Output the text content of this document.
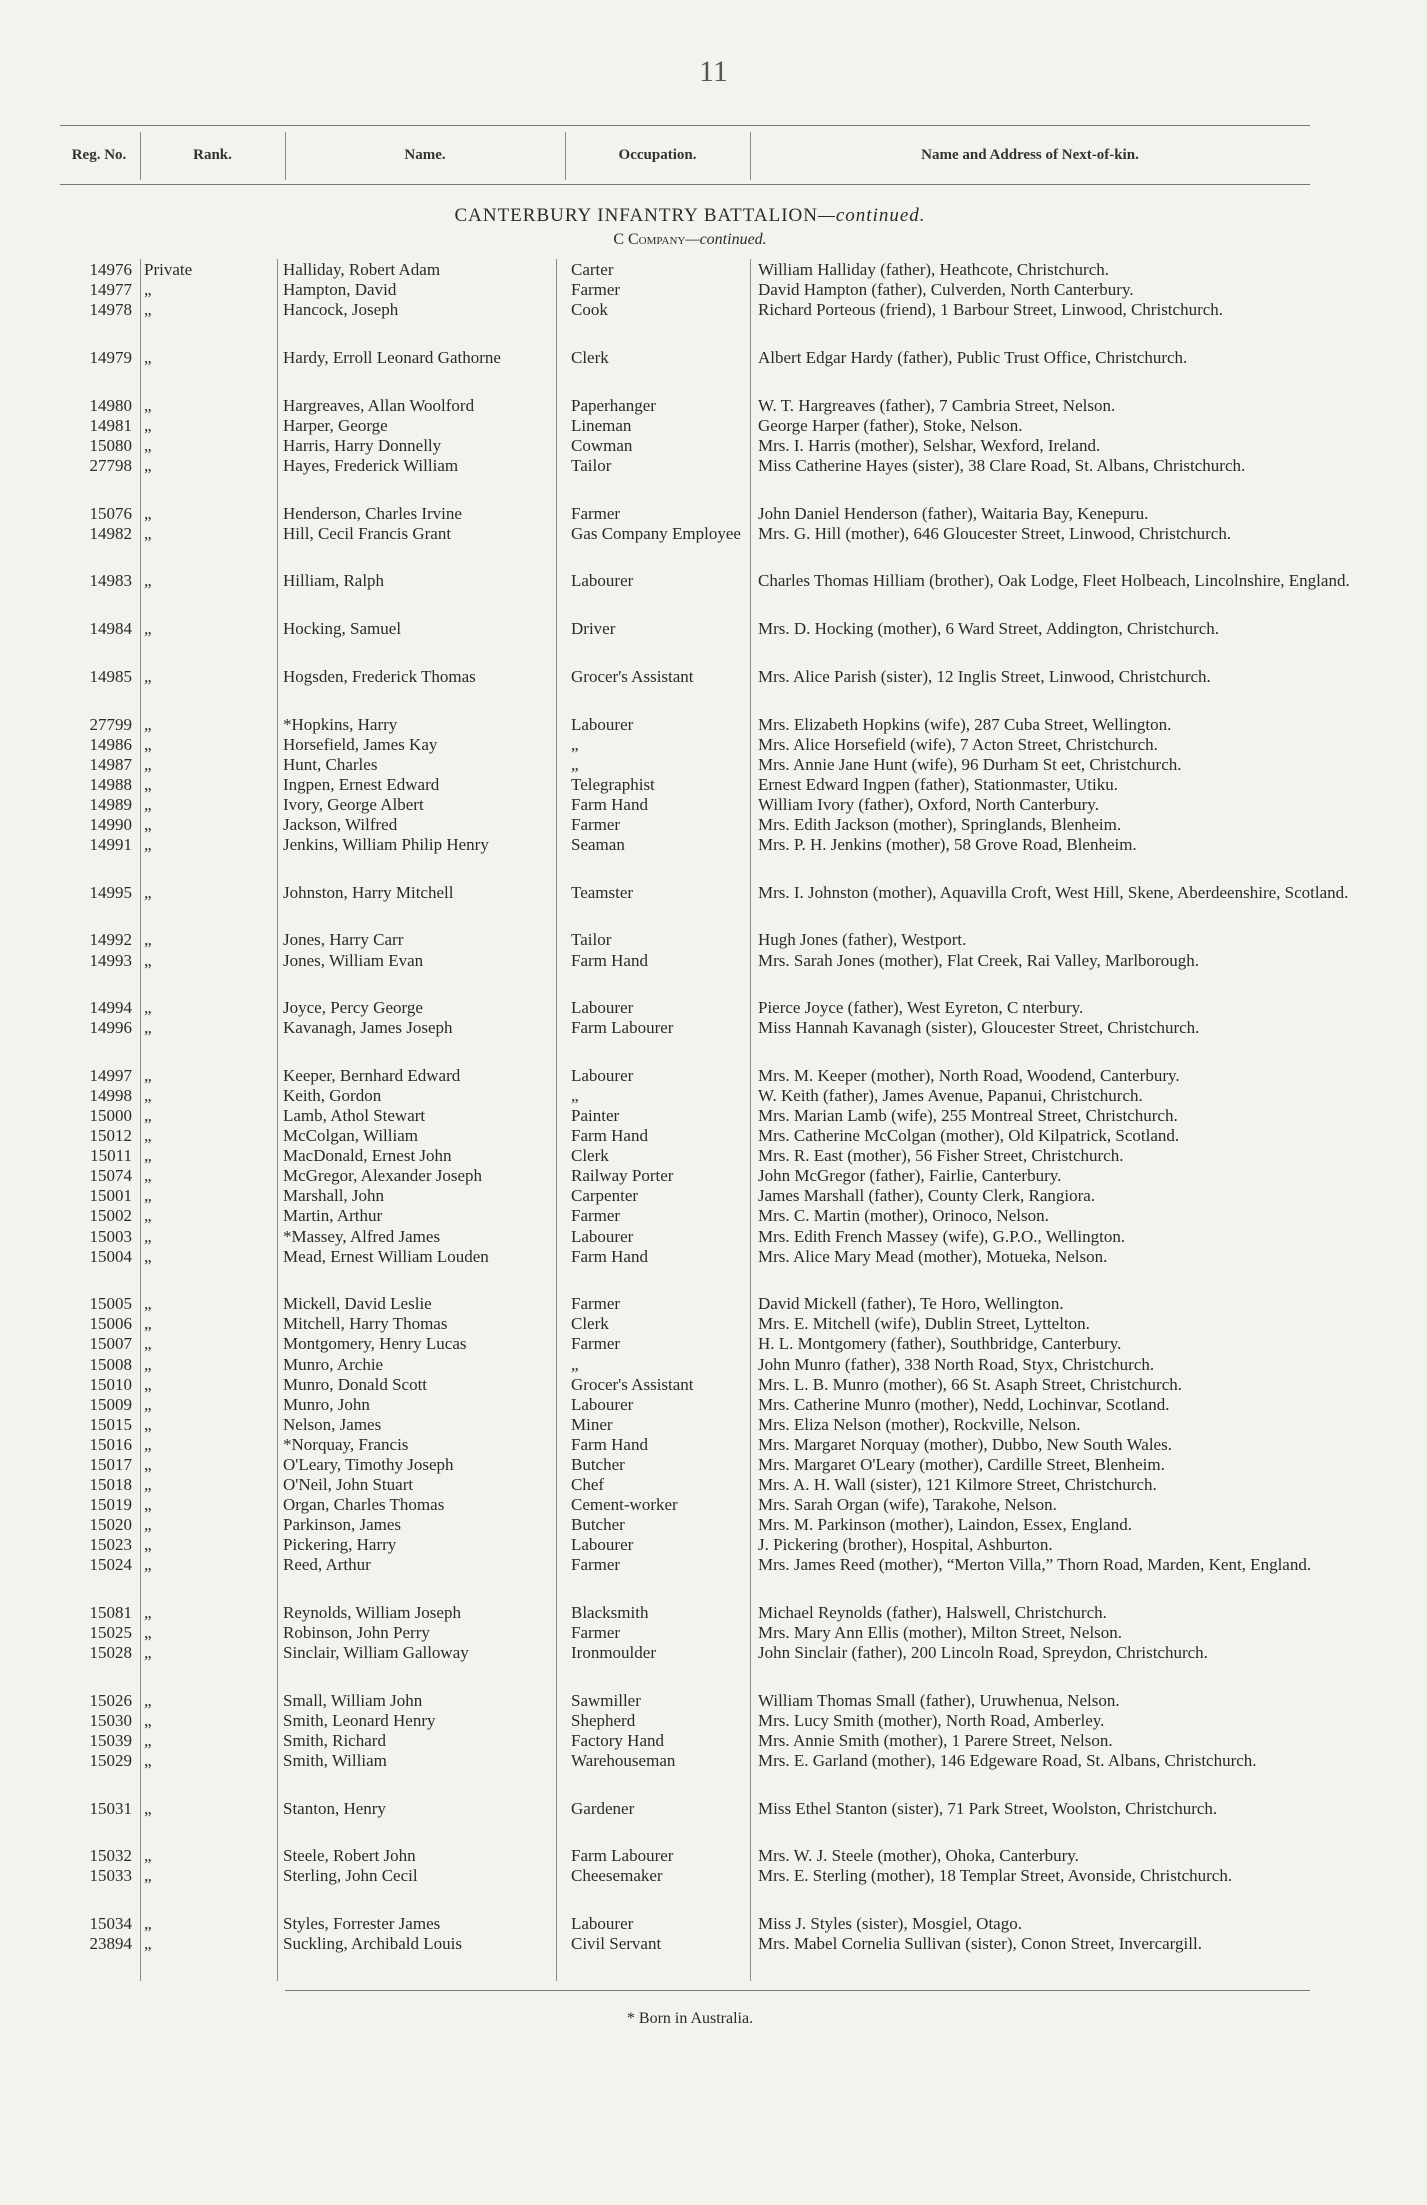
11
Reg. No.	Rank.	Name.	Occupation.	Name and Address of Next-of-kin.
CANTERBURY INFANTRY BATTALION—continued.
C Company—continued.
14976 Private	Halliday, Robert Adam	Carter	William Halliday (father), Heathcote, Christchurch.
14977 „	Hampton, David	Farmer	David Hampton (father), Culverden, North Canterbury.
14978 „	Hancock, Joseph	Cook	Richard Porteous (friend), 1 Barbour Street, Linwood, Christchurch.
14979 „	Hardy, Erroll Leonard Gathorne	Clerk	Albert Edgar Hardy (father), Public Trust Office, Christchurch.
14980 „	Hargreaves, Allan Woolford	Paperhanger	W. T. Hargreaves (father), 7 Cambria Street, Nelson.
14981 „	Harper, George	Lineman	George Harper (father), Stoke, Nelson.
15080 „	Harris, Harry Donnelly	Cowman	Mrs. I. Harris (mother), Selshar, Wexford, Ireland.
27798 „	Hayes, Frederick William	Tailor	Miss Catherine Hayes (sister), 38 Clare Road, St. Albans, Christchurch.
15076 „	Henderson, Charles Irvine	Farmer	John Daniel Henderson (father), Waitaria Bay, Kenepuru.
14982 „	Hill, Cecil Francis Grant	Gas Company Employee	Mrs. G. Hill (mother), 646 Gloucester Street, Linwood, Christchurch.
14983 „	Hilliam, Ralph	Labourer	Charles Thomas Hilliam (brother), Oak Lodge, Fleet Holbeach, Lincolnshire, England.
14984 „	Hocking, Samuel	Driver	Mrs. D. Hocking (mother), 6 Ward Street, Addington, Christchurch.
14985 „	Hogsden, Frederick Thomas	Grocer's Assistant	Mrs. Alice Parish (sister), 12 Inglis Street, Linwood, Christchurch.
27799 „	*Hopkins, Harry	Labourer	Mrs. Elizabeth Hopkins (wife), 287 Cuba Street, Wellington.
14986 „	Horsefield, James Kay	„	Mrs. Alice Horsefield (wife), 7 Acton Street, Christchurch.
14987 „	Hunt, Charles	„	Mrs. Annie Jane Hunt (wife), 96 Durham St eet, Christchurch.
14988 „	Ingpen, Ernest Edward	Telegraphist	Ernest Edward Ingpen (father), Stationmaster, Utiku.
14989 „	Ivory, George Albert	Farm Hand	William Ivory (father), Oxford, North Canterbury.
14990 „	Jackson, Wilfred	Farmer	Mrs. Edith Jackson (mother), Springlands, Blenheim.
14991 „	Jenkins, William Philip Henry	Seaman	Mrs. P. H. Jenkins (mother), 58 Grove Road, Blenheim.
14995 „	Johnston, Harry Mitchell	Teamster	Mrs. I. Johnston (mother), Aquavilla Croft, West Hill, Skene, Aberdeenshire, Scotland.
14992 „	Jones, Harry Carr	Tailor	Hugh Jones (father), Westport.
14993 „	Jones, William Evan	Farm Hand	Mrs. Sarah Jones (mother), Flat Creek, Rai Valley, Marlborough.
14994 „	Joyce, Percy George	Labourer	Pierce Joyce (father), West Eyreton, C nterbury.
14996 „	Kavanagh, James Joseph	Farm Labourer	Miss Hannah Kavanagh (sister), Gloucester Street, Christchurch.
14997 „	Keeper, Bernhard Edward	Labourer	Mrs. M. Keeper (mother), North Road, Woodend, Canterbury.
14998 „	Keith, Gordon	„	W. Keith (father), James Avenue, Papanui, Christchurch.
15000 „	Lamb, Athol Stewart	Painter	Mrs. Marian Lamb (wife), 255 Montreal Street, Christchurch.
15012 „	McColgan, William	Farm Hand	Mrs. Catherine McColgan (mother), Old Kilpatrick, Scotland.
15011 „	MacDonald, Ernest John	Clerk	Mrs. R. East (mother), 56 Fisher Street, Christchurch.
15074 „	McGregor, Alexander Joseph	Railway Porter	John McGregor (father), Fairlie, Canterbury.
15001 „	Marshall, John	Carpenter	James Marshall (father), County Clerk, Rangiora.
15002 „	Martin, Arthur	Farmer	Mrs. C. Martin (mother), Orinoco, Nelson.
15003 „	*Massey, Alfred James	Labourer	Mrs. Edith French Massey (wife), G.P.O., Wellington.
15004 „	Mead, Ernest William Louden	Farm Hand	Mrs. Alice Mary Mead (mother), Motueka, Nelson.
15005 „	Mickell, David Leslie	Farmer	David Mickell (father), Te Horo, Wellington.
15006 „	Mitchell, Harry Thomas	Clerk	Mrs. E. Mitchell (wife), Dublin Street, Lyttelton.
15007 „	Montgomery, Henry Lucas	Farmer	H. L. Montgomery (father), Southbridge, Canterbury.
15008 „	Munro, Archie	„	John Munro (father), 338 North Road, Styx, Christchurch.
15010 „	Munro, Donald Scott	Grocer's Assistant	Mrs. L. B. Munro (mother), 66 St. Asaph Street, Christchurch.
15009 „	Munro, John	Labourer	Mrs. Catherine Munro (mother), Nedd, Lochinvar, Scotland.
15015 „	Nelson, James	Miner	Mrs. Eliza Nelson (mother), Rockville, Nelson.
15016 „	*Norquay, Francis	Farm Hand	Mrs. Margaret Norquay (mother), Dubbo, New South Wales.
15017 „	O'Leary, Timothy Joseph	Butcher	Mrs. Margaret O'Leary (mother), Cardille Street, Blenheim.
15018 „	O'Neil, John Stuart	Chef	Mrs. A. H. Wall (sister), 121 Kilmore Street, Christchurch.
15019 „	Organ, Charles Thomas	Cement-worker	Mrs. Sarah Organ (wife), Tarakohe, Nelson.
15020 „	Parkinson, James	Butcher	Mrs. M. Parkinson (mother), Laindon, Essex, England.
15023 „	Pickering, Harry	Labourer	J. Pickering (brother), Hospital, Ashburton.
15024 „	Reed, Arthur	Farmer	Mrs. James Reed (mother), “Merton Villa,” Thorn Road, Marden, Kent, England.
15081 „	Reynolds, William Joseph	Blacksmith	Michael Reynolds (father), Halswell, Christchurch.
15025 „	Robinson, John Perry	Farmer	Mrs. Mary Ann Ellis (mother), Milton Street, Nelson.
15028 „	Sinclair, William Galloway	Ironmoulder	John Sinclair (father), 200 Lincoln Road, Spreydon, Christchurch.
15026 „	Small, William John	Sawmiller	William Thomas Small (father), Uruwhenua, Nelson.
15030 „	Smith, Leonard Henry	Shepherd	Mrs. Lucy Smith (mother), North Road, Amberley.
15039 „	Smith, Richard	Factory Hand	Mrs. Annie Smith (mother), 1 Parere Street, Nelson.
15029 „	Smith, William	Warehouseman	Mrs. E. Garland (mother), 146 Edgeware Road, St. Albans, Christchurch.
15031 „	Stanton, Henry	Gardener	Miss Ethel Stanton (sister), 71 Park Street, Woolston, Christchurch.
15032 „	Steele, Robert John	Farm Labourer	Mrs. W. J. Steele (mother), Ohoka, Canterbury.
15033 „	Sterling, John Cecil	Cheesemaker	Mrs. E. Sterling (mother), 18 Templar Street, Avonside, Christchurch.
15034 „	Styles, Forrester James	Labourer	Miss J. Styles (sister), Mosgiel, Otago.
23894 „	Suckling, Archibald Louis	Civil Servant	Mrs. Mabel Cornelia Sullivan (sister), Conon Street, Invercargill.
* Born in Australia.
